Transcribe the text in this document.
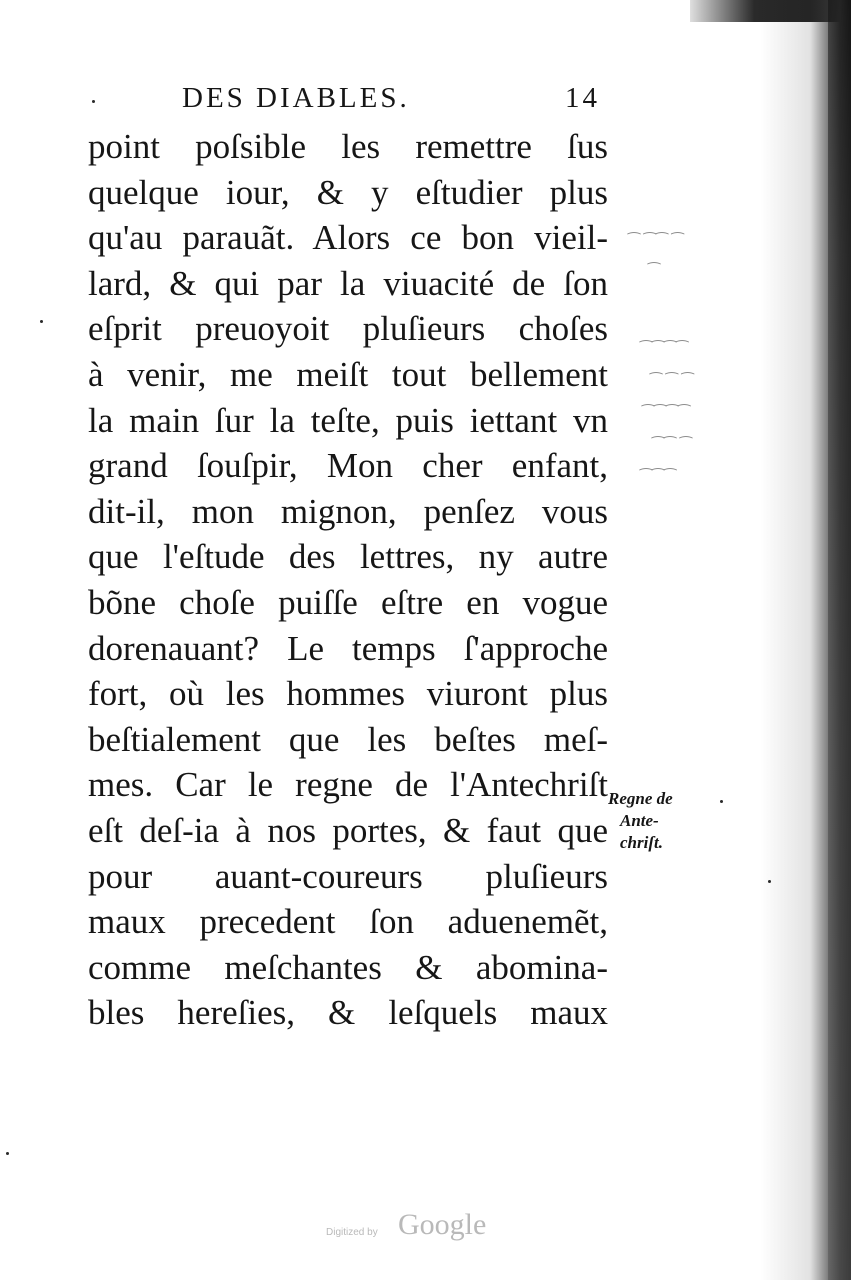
DES DIABLES.	14
point poſsible les remettre ſus
quelque iour, & y eſtudier plus
qu'au parauãt. Alors ce bon vieil-
lard, & qui par la viuacité de ſon
eſprit preuoyoit pluſieurs choſes
à venir, me meiſt tout bellement
la main ſur la teſte, puis iettant vn
grand ſouſpir, Mon cher enfant,
dit-il, mon mignon, penſez vous
que l'eſtude des lettres, ny autre
bõne choſe puiſſe eſtre en vogue
dorenauant? Le temps ſ'approche
fort, où les hommes viuront plus
beſtialement que les beſtes meſ-
mes. Car le regne de l'Antechriſt
eſt deſ-ia à nos portes, & faut que
pour auant-coureurs pluſieurs
maux precedent ſon aduenemẽt,
comme meſchantes & abomina-
bles hereſies, & leſquels maux
Regne de
Ante-
chriſt.
⁀ ⁀⁀ ⁀
⁀
⁀⁀⁀⁀
⁀ ⁀ ⁀
⁀⁀⁀⁀
⁀⁀ ⁀
⁀⁀⁀
Digitized by Google
